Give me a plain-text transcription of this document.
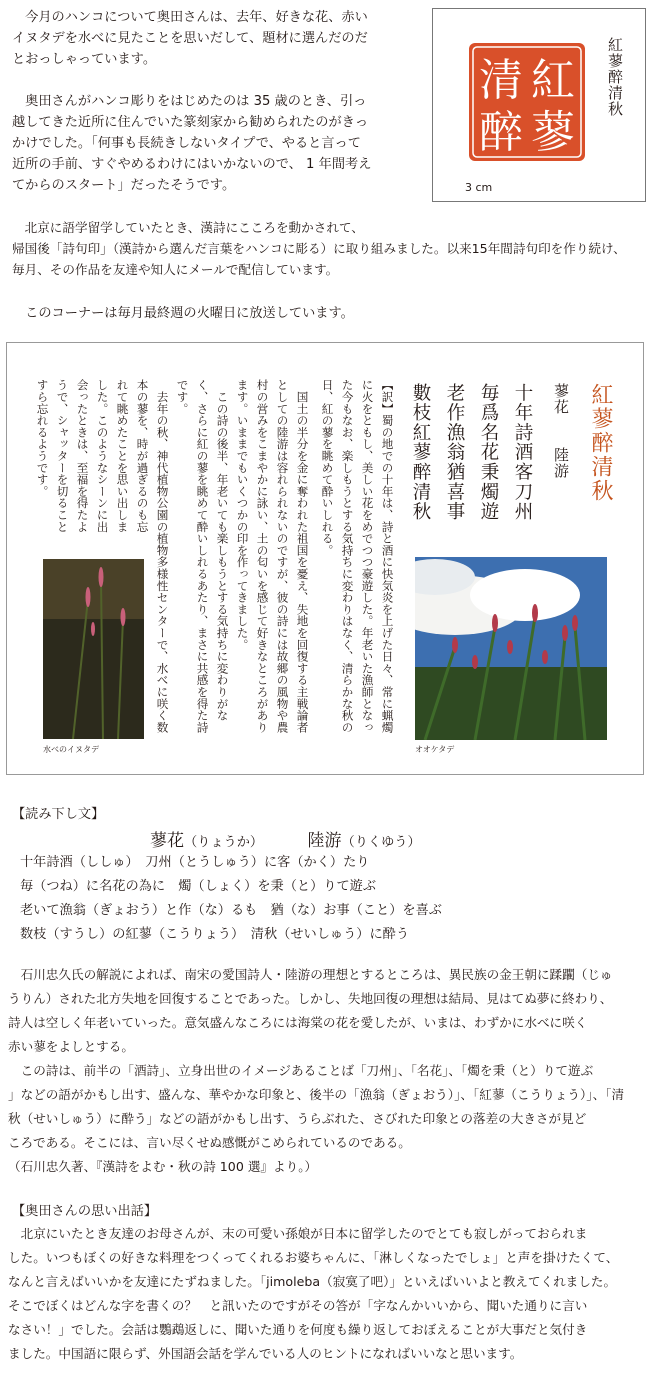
　今月のハンコについて奥田さんは、去年、好きな花、赤い
イヌタデを水べに見たことを思いだして、題材に選んだのだ
とおっしゃっています。
　奥田さんがハンコ彫りをはじめたのは 35 歳のとき、引っ
越してきた近所に住んでいた篆刻家から勧められたのがきっ
かけでした。「何事も長続きしないタイプで、やると言って
近所の手前、すぐやめるわけにはいかないので、 1 年間考え
てからのスタート」だったそうです。
　北京に語学留学していたとき、漢詩にこころを動かされて、
帰国後「詩句印」（漢詩から選んだ言葉をハンコに彫る）に取り組みました。以来15年間詩句印を作り続け、
毎月、その作品を友達や知人にメールで配信しています。
　このコーナーは毎月最終週の火曜日に放送しています。
紅
蓼
清
醉
紅蓼醉清秋
3 cm
紅蓼醉清秋
蓼花　　陸游
十年詩酒客刀州
毎爲名花秉燭遊
老作漁翁猶喜事
數枝紅蓼醉清秋
【訳】蜀の地での十年は、詩と酒に快気炎を上げた日々、常に蝋燭
に火をともし、美しい花をめでつつ豪遊した。年老いた漁師となっ
た今もなお、楽しもうとする気持ちに変わりはなく、清らかな秋の
日、紅の蓼を眺めて酔いしれる。
　国土の半分を金に奪われた祖国を憂え、失地を回復する主戦論者
としての陸游は容れられないのですが、彼の詩には故郷の風物や農
村の営みをこまやかに詠い、土の匂いを感じて好きなところがあり
ます。いままでもいくつかの印を作ってきました。
　この詩の後半、年老いても楽しもうとする気持ちに変わりがな
く、さらに紅の蓼を眺めて酔いしれるあたり、まさに共感を得た詩
です。
　去年の秋、神代植物公園の植物多様性センターで、水べに咲く数
本の蓼を、時が過ぎるのも忘
れて眺めたことを思い出しま
した。このようなシーンに出
会ったときは、至福を得たよ
うで、シャッターを切ること
すら忘れるようです。
オオケタデ
水べのイヌタデ
【読み下し文】
蓼花（りょうか）	陸游（りくゆう）
十年詩酒（ししゅ）　刀州（とうしゅう）に客（かく）たり
毎（つね）に名花の為に　燭（しょく）を秉（と）りて遊ぶ
老いて漁翁（ぎょおう）と作（な）るも　猶（な）お事（こと）を喜ぶ
数枝（すうし）の紅蓼（こうりょう）　清秋（せいしゅう）に酔う
　石川忠久氏の解説によれば、南宋の愛国詩人・陸游の理想とするところは、異民族の金王朝に蹂躙（じゅ
うりん）された北方失地を回復することであった。しかし、失地回復の理想は結局、見はてぬ夢に終わり、
詩人は空しく年老いていった。意気盛んなころには海棠の花を愛したが、いまは、わずかに水べに咲く
赤い蓼をよしとする。
　この詩は、前半の「酒詩」、立身出世のイメージあることば「刀州」、「名花」、「燭を秉（と）りて遊ぶ
」などの語がかもし出す、盛んな、華やかな印象と、後半の「漁翁（ぎょおう）」、「紅蓼（こうりょう）」、「清
秋（せいしゅう）に酔う」などの語がかもし出す、うらぶれた、さびれた印象との落差の大きさが見ど
ころである。そこには、言い尽くせぬ感慨がこめられているのである。
（石川忠久著、『漢詩をよむ・秋の詩 100 選』より。）
【奥田さんの思い出話】
　北京にいたとき友達のお母さんが、末の可愛い孫娘が日本に留学したのでとても寂しがっておられま
した。いつもぼくの好きな料理をつくってくれるお婆ちゃんに、「淋しくなったでしょ」と声を掛けたくて、
なんと言えばいいかを友達にたずねました。「jimoleba（寂寞了吧）」といえばいいよと教えてくれました。
そこでぼくはどんな字を書くの？　と訊いたのですがその答が「字なんかいいから、聞いた通りに言い
なさい！」でした。会話は鸚鵡返しに、聞いた通りを何度も繰り返しておぼえることが大事だと気付き
ました。中国語に限らず、外国語会話を学んでいる人のヒントになればいいなと思います。
